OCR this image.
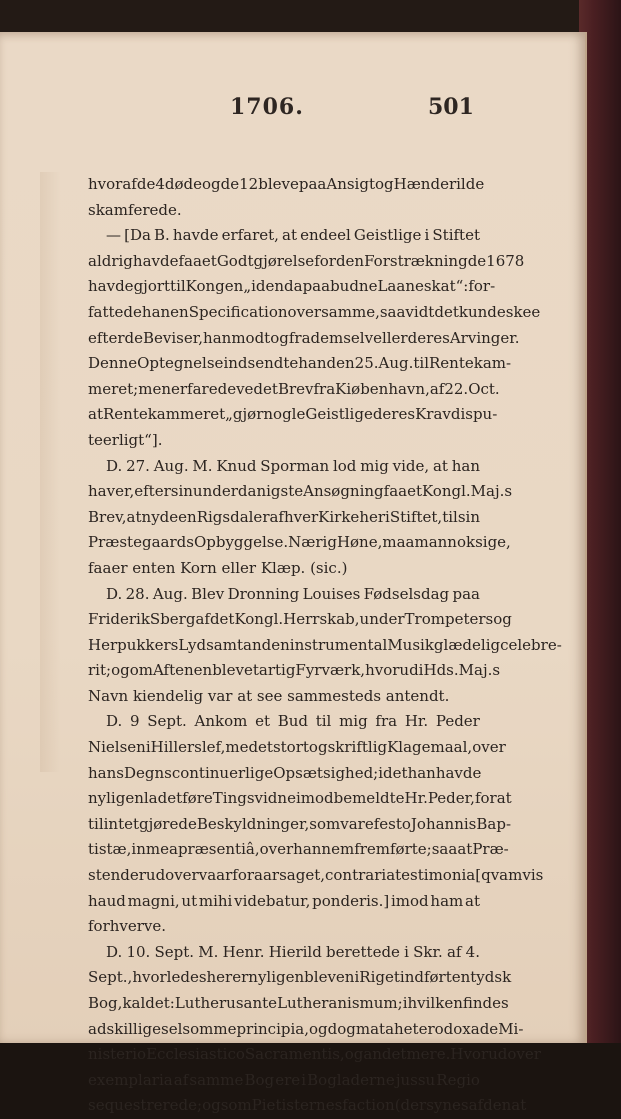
1706.	501
hvoraf de 4 døde og de 12 bleve paa Ansigt og Hænder ilde
skamferede.
— [Da B. havde erfaret, at endeel Geistlige i Stiftet
aldrig havde faaet Godtgjørelse for den Forstrækning de 1678
havde gjort til Kongen „i den da paabudne Laaneskat“: for-
fattede han en Specification over samme, saavidt det kunde skee
efter de Beviser, han modtog fra dem selv eller deres Arvinger.
Denne Optegnelse indsendte han den 25. Aug. til Rentekam-
meret; men erfarede ved et Brev fra Kiøbenhavn, af 22. Oct.
at Rentekammeret „gjør nogle Geistlige deres Krav dispu-
teerligt“].
D. 27. Aug. M. Knud Sporman lod mig vide, at han
haver, efter sin underdanigste Ansøgning faaet Kongl. Maj.s
Brev, at nyde en Rigsdaler af hver Kirke her i Stiftet, til sin
Præstegaards Opbyggelse. Nærig Høne, maa man nok sige,
faaer enten Korn eller Klæp. (sic.)
D. 28. Aug. Blev Dronning Louises Fødselsdag paa
FriderikSberg af det Kongl. Herrskab, under Trompeters og
Herpukkers Lyd samt anden instrumental Musik glædelig celebre-
rit; og om Aftenen blev et artig Fyrværk, hvorudi Hds. Maj.s
Navn kiendelig var at see sammesteds antendt.
D. 9 Sept. Ankom et Bud til mig fra Hr. Peder
Nielsen i Hillerslef, med et stort og skriftlig Klagemaal, over
hans Degns continuerlige Opsætsighed; i det han havde
nyligen ladet føre Tingsvidne imod bemeldte Hr. Peder, for at
tilintetgjøre de Beskyldninger, som vare festo Johannis Bap-
tistæ, in mea præsentiâ, over hannem fremførte; saa at Præ-
sten derudover vaar foraarsaget, contraria testimonia [qvamvis
haud magni, ut mihi videbatur, ponderis.] imod ham at
forhverve.
D. 10. Sept. M. Henr. Hierild berettede i Skr. af 4.
Sept., hvorledes her er nyligen bleven i Riget indført en tydsk
Bog, kaldet: Lutherus ante Lutheranismum; i hvilken findes
adskillige selsomme principia, og dogmata heterodoxa de Mi-
nisterio Ecclesiastico Sacramentis, og andet mere. Hvorudover
exemplaria af samme Bog ere i Bogladerne jussu Regio
sequestrerede; og som Pietisternes faction (der synes af den at
